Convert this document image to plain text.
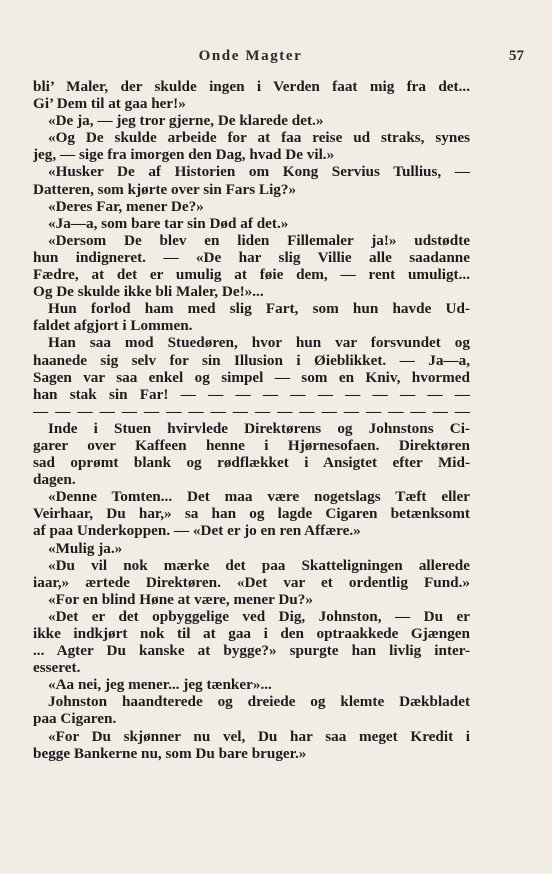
Onde Magter	57
bli’ Maler, der skulde ingen i Verden faat mig fra det...
Gi’ Dem til at gaa her!»
«De ja, — jeg tror gjerne, De klarede det.»
«Og De skulde arbeide for at faa reise ud straks, synes
jeg, — sige fra imorgen den Dag, hvad De vil.»
«Husker De af Historien om Kong Servius Tullius, —
Datteren, som kjørte over sin Fars Lig?»
«Deres Far, mener De?»
«Ja—a, som bare tar sin Død af det.»
«Dersom De blev en liden Fillemaler ja!» udstødte
hun indigneret. — «De har slig Villie alle saadanne
Fædre, at det er umulig at føie dem, — rent umuligt...
Og De skulde ikke bli Maler, De!»...
Hun forlod ham med slig Fart, som hun havde Ud-
faldet afgjort i Lommen.
Han saa mod Stuedøren, hvor hun var forsvundet og
haanede sig selv for sin Illusion i Øieblikket. — Ja—a,
Sagen var saa enkel og simpel — som en Kniv, hvormed
han stak sin Far! — — — — — — — — — — —
— — — — — — — — — — — — — — — — — — — —
Inde i Stuen hvirvlede Direktørens og Johnstons Ci-
garer over Kaffeen henne i Hjørnesofaen. Direktøren
sad oprømt blank og rødflækket i Ansigtet efter Mid-
dagen.
«Denne Tomten... Det maa være nogetslags Tæft eller
Veirhaar, Du har,» sa han og lagde Cigaren betænksomt
af paa Underkoppen. — «Det er jo en ren Affære.»
«Mulig ja.»
«Du vil nok mærke det paa Skatteligningen allerede
iaar,» ærtede Direktøren. «Det var et ordentlig Fund.»
«For en blind Høne at være, mener Du?»
«Det er det opbyggelige ved Dig, Johnston, — Du er
ikke indkjørt nok til at gaa i den optraakkede Gjængen
... Agter Du kanske at bygge?» spurgte han livlig inter-
esseret.
«Aa nei, jeg mener... jeg tænker»...
Johnston haandterede og dreiede og klemte Dækbladet
paa Cigaren.
«For Du skjønner nu vel, Du har saa meget Kredit i
begge Bankerne nu, som Du bare bruger.»
